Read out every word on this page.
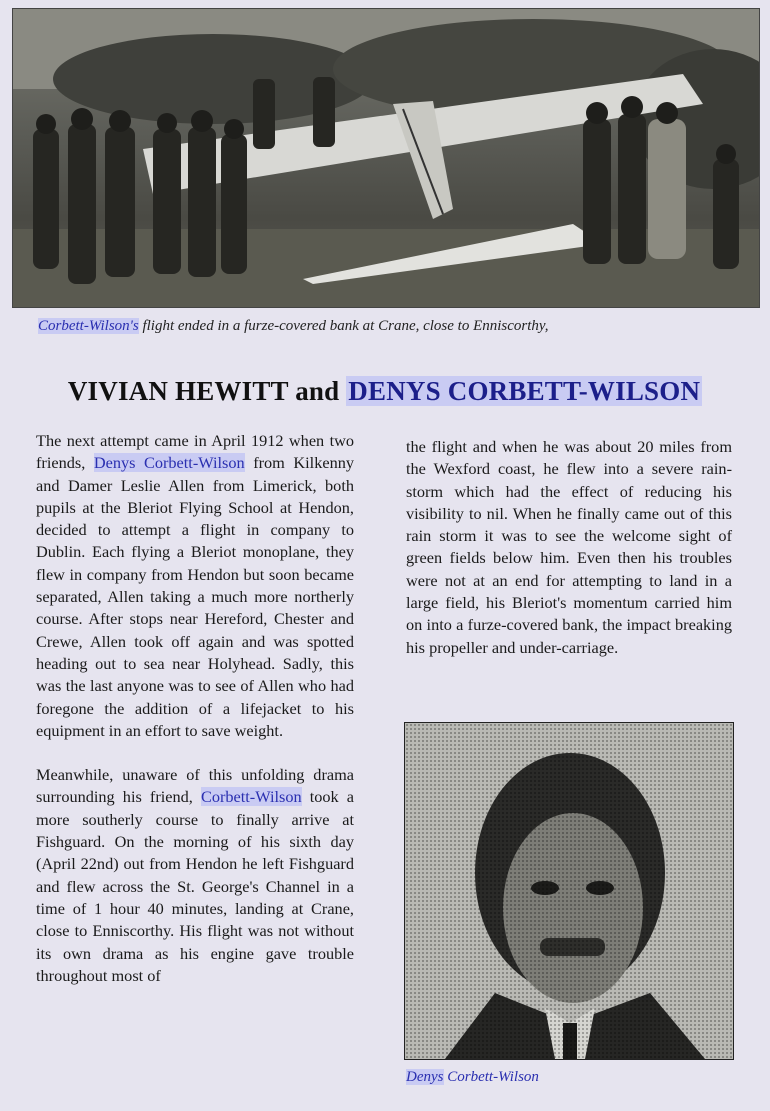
Corbett-Wilson's flight ended in a furze-covered bank at Crane, close to Enniscorthy,
VIVIAN HEWITT and DENYS CORBETT-WILSON

The next attempt came in April 1912 when two friends, Denys Corbett-Wilson from Kilkenny and Damer Leslie Allen from Limerick, both pupils at the Bleriot Flying School at Hendon, decided to attempt a flight in company to Dublin. Each flying a Bleriot monoplane, they flew in company from Hendon but soon became separated, Allen taking a much more northerly course. After stops near Hereford, Chester and Crewe, Allen took off again and was spotted heading out to sea near Holyhead. Sadly, this was the last anyone was to see of Allen who had foregone the addition of a lifejacket to his equipment in an effort to save weight.

Meanwhile, unaware of this unfolding drama surrounding his friend, Corbett-Wilson took a more southerly course to finally arrive at Fishguard. On the morning of his sixth day (April 22nd) out from Hendon he left Fishguard and flew across the St. George's Channel in a time of 1 hour 40 minutes, landing at Crane, close to Enniscorthy. His flight was not without its own drama as his engine gave trouble throughout most of

the flight and when he was about 20 miles from the Wexford coast, he flew into a severe rain-storm which had the effect of reducing his visibility to nil. When he finally came out of this rain storm it was to see the welcome sight of green fields below him. Even then his troubles were not at an end for attempting to land in a large field, his Bleriot's momentum carried him on into a furze-covered bank, the impact breaking his propeller and under-carriage.

Denys Corbett-Wilson
